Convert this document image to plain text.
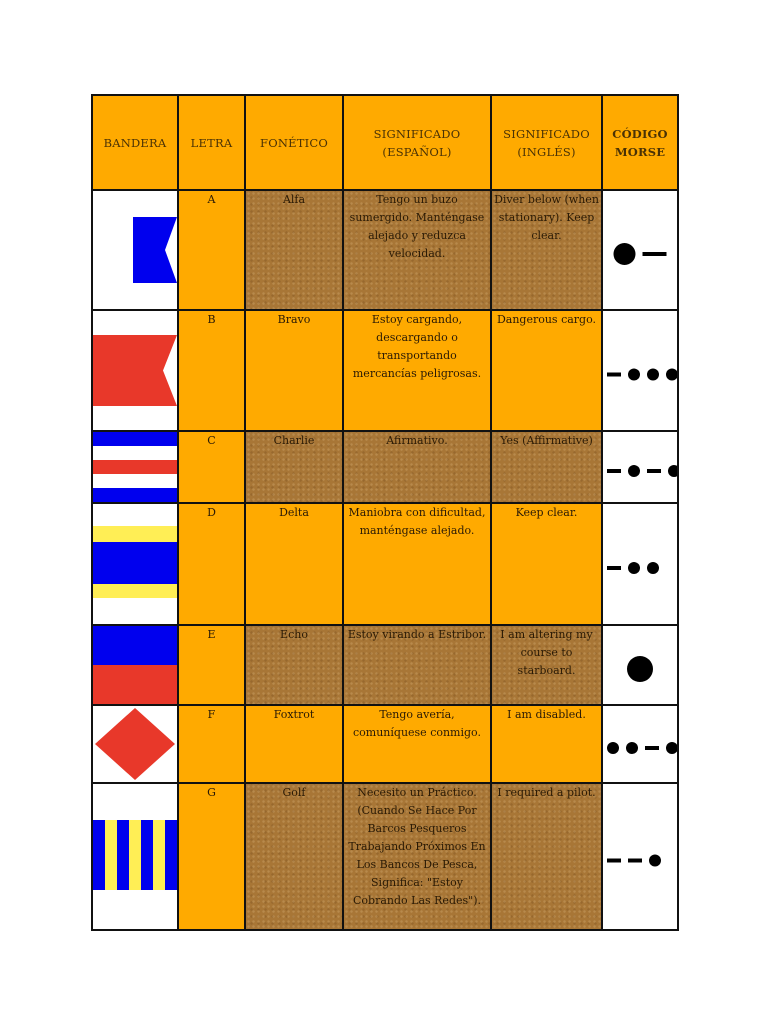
BANDERA	LETRA	FONÉTICO	SIGNIFICADO (ESPAÑOL)	SIGNIFICADO (INGLÉS)	CÓDIGO MORSE

	A	Alfa	Tengo un buzo sumergido. Manténgase alejado y reduzca velocidad.	Diver below (when stationary). Keep clear.	

	B	Bravo	Estoy cargando, descargando o transportando mercancías peligrosas.	Dangerous cargo.	

	C	Charlie	Afirmativo.	Yes (Affirmative)	

	D	Delta	Maniobra con dificultad, manténgase alejado.	Keep clear.	

	E	Echo	Estoy virando a Estribor.	I am altering my course to starboard.	

	F	Foxtrot	Tengo avería, comuníquese conmigo.	I am disabled.	

	G	Golf	Necesito un Práctico. (Cuando Se Hace Por Barcos Pesqueros Trabajando Próximos En Los Bancos De Pesca, Significa: "Estoy Cobrando Las Redes").	I required a pilot.	
